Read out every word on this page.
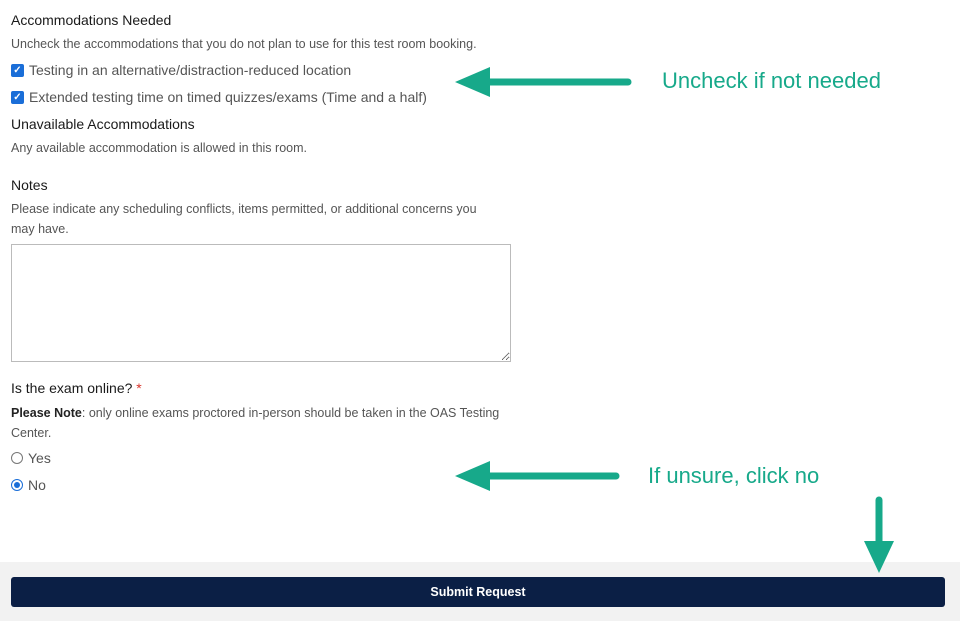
Accommodations Needed
Uncheck the accommodations that you do not plan to use for this test room booking.
✓ Testing in an alternative/distraction-reduced location
✓ Extended testing time on timed quizzes/exams (Time and a half)
Unavailable Accommodations
Any available accommodation is allowed in this room.
Notes
Please indicate any scheduling conflicts, items permitted, or additional concerns you
may have.
Is the exam online? *
Please Note: only online exams proctored in-person should be taken in the OAS Testing
Center.
Yes
No
Submit Request
Uncheck if not needed
If unsure, click no
